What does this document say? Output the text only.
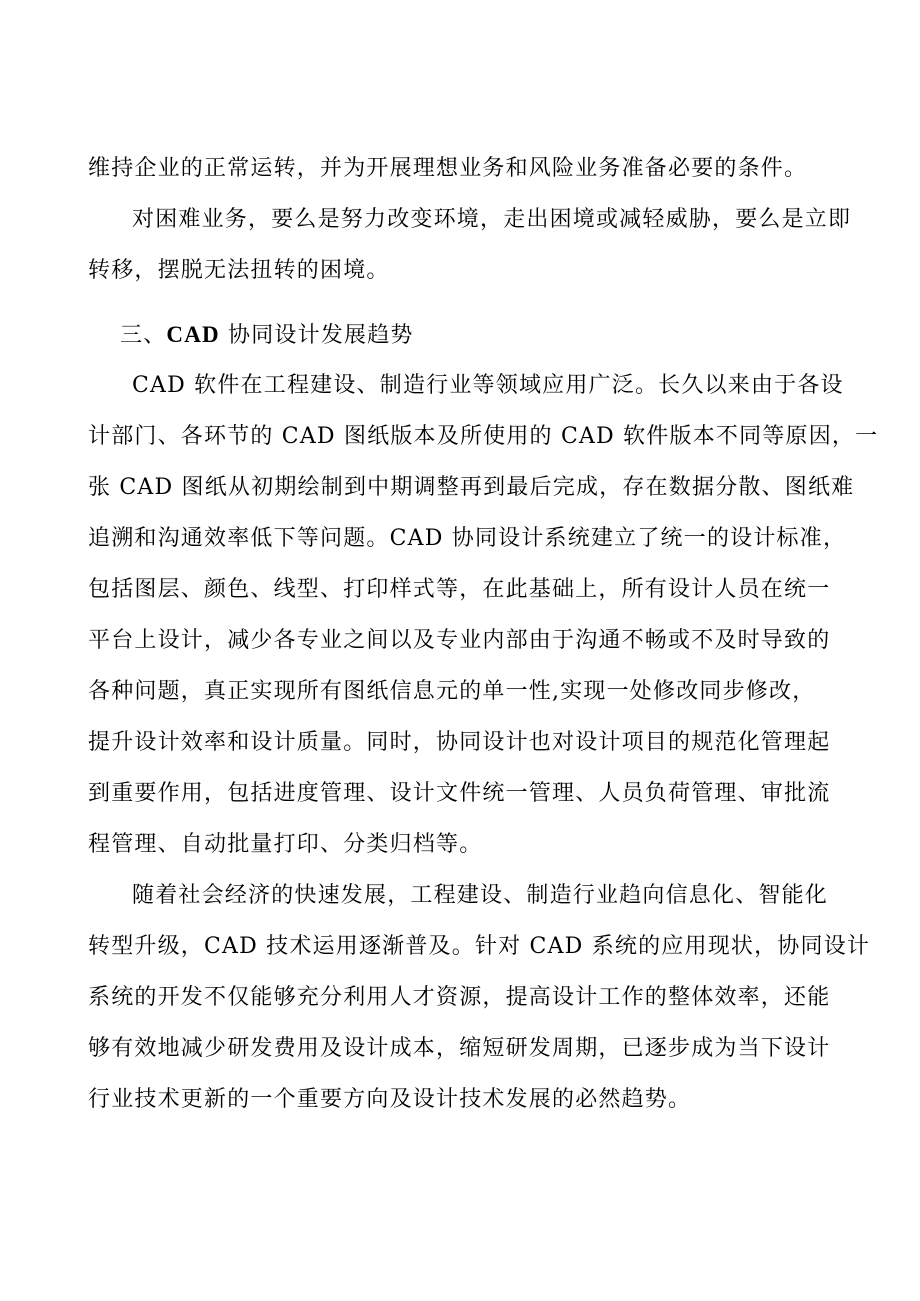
维持企业的正常运转，并为开展理想业务和风险业务准备必要的条件。
对困难业务，要么是努力改变环境，走出困境或减轻威胁，要么是立即
转移，摆脱无法扭转的困境。
三、CAD 协同设计发展趋势
CAD 软件在工程建设、制造行业等领域应用广泛。长久以来由于各设
计部门、各环节的 CAD 图纸版本及所使用的 CAD 软件版本不同等原因，一
张 CAD 图纸从初期绘制到中期调整再到最后完成，存在数据分散、图纸难
追溯和沟通效率低下等问题。CAD 协同设计系统建立了统一的设计标准，
包括图层、颜色、线型、打印样式等，在此基础上，所有设计人员在统一
平台上设计，减少各专业之间以及专业内部由于沟通不畅或不及时导致的
各种问题，真正实现所有图纸信息元的单一性,实现一处修改同步修改，
提升设计效率和设计质量。同时，协同设计也对设计项目的规范化管理起
到重要作用，包括进度管理、设计文件统一管理、人员负荷管理、审批流
程管理、自动批量打印、分类归档等。
随着社会经济的快速发展，工程建设、制造行业趋向信息化、智能化
转型升级，CAD 技术运用逐渐普及。针对 CAD 系统的应用现状，协同设计
系统的开发不仅能够充分利用人才资源，提高设计工作的整体效率，还能
够有效地减少研发费用及设计成本，缩短研发周期，已逐步成为当下设计
行业技术更新的一个重要方向及设计技术发展的必然趋势。
